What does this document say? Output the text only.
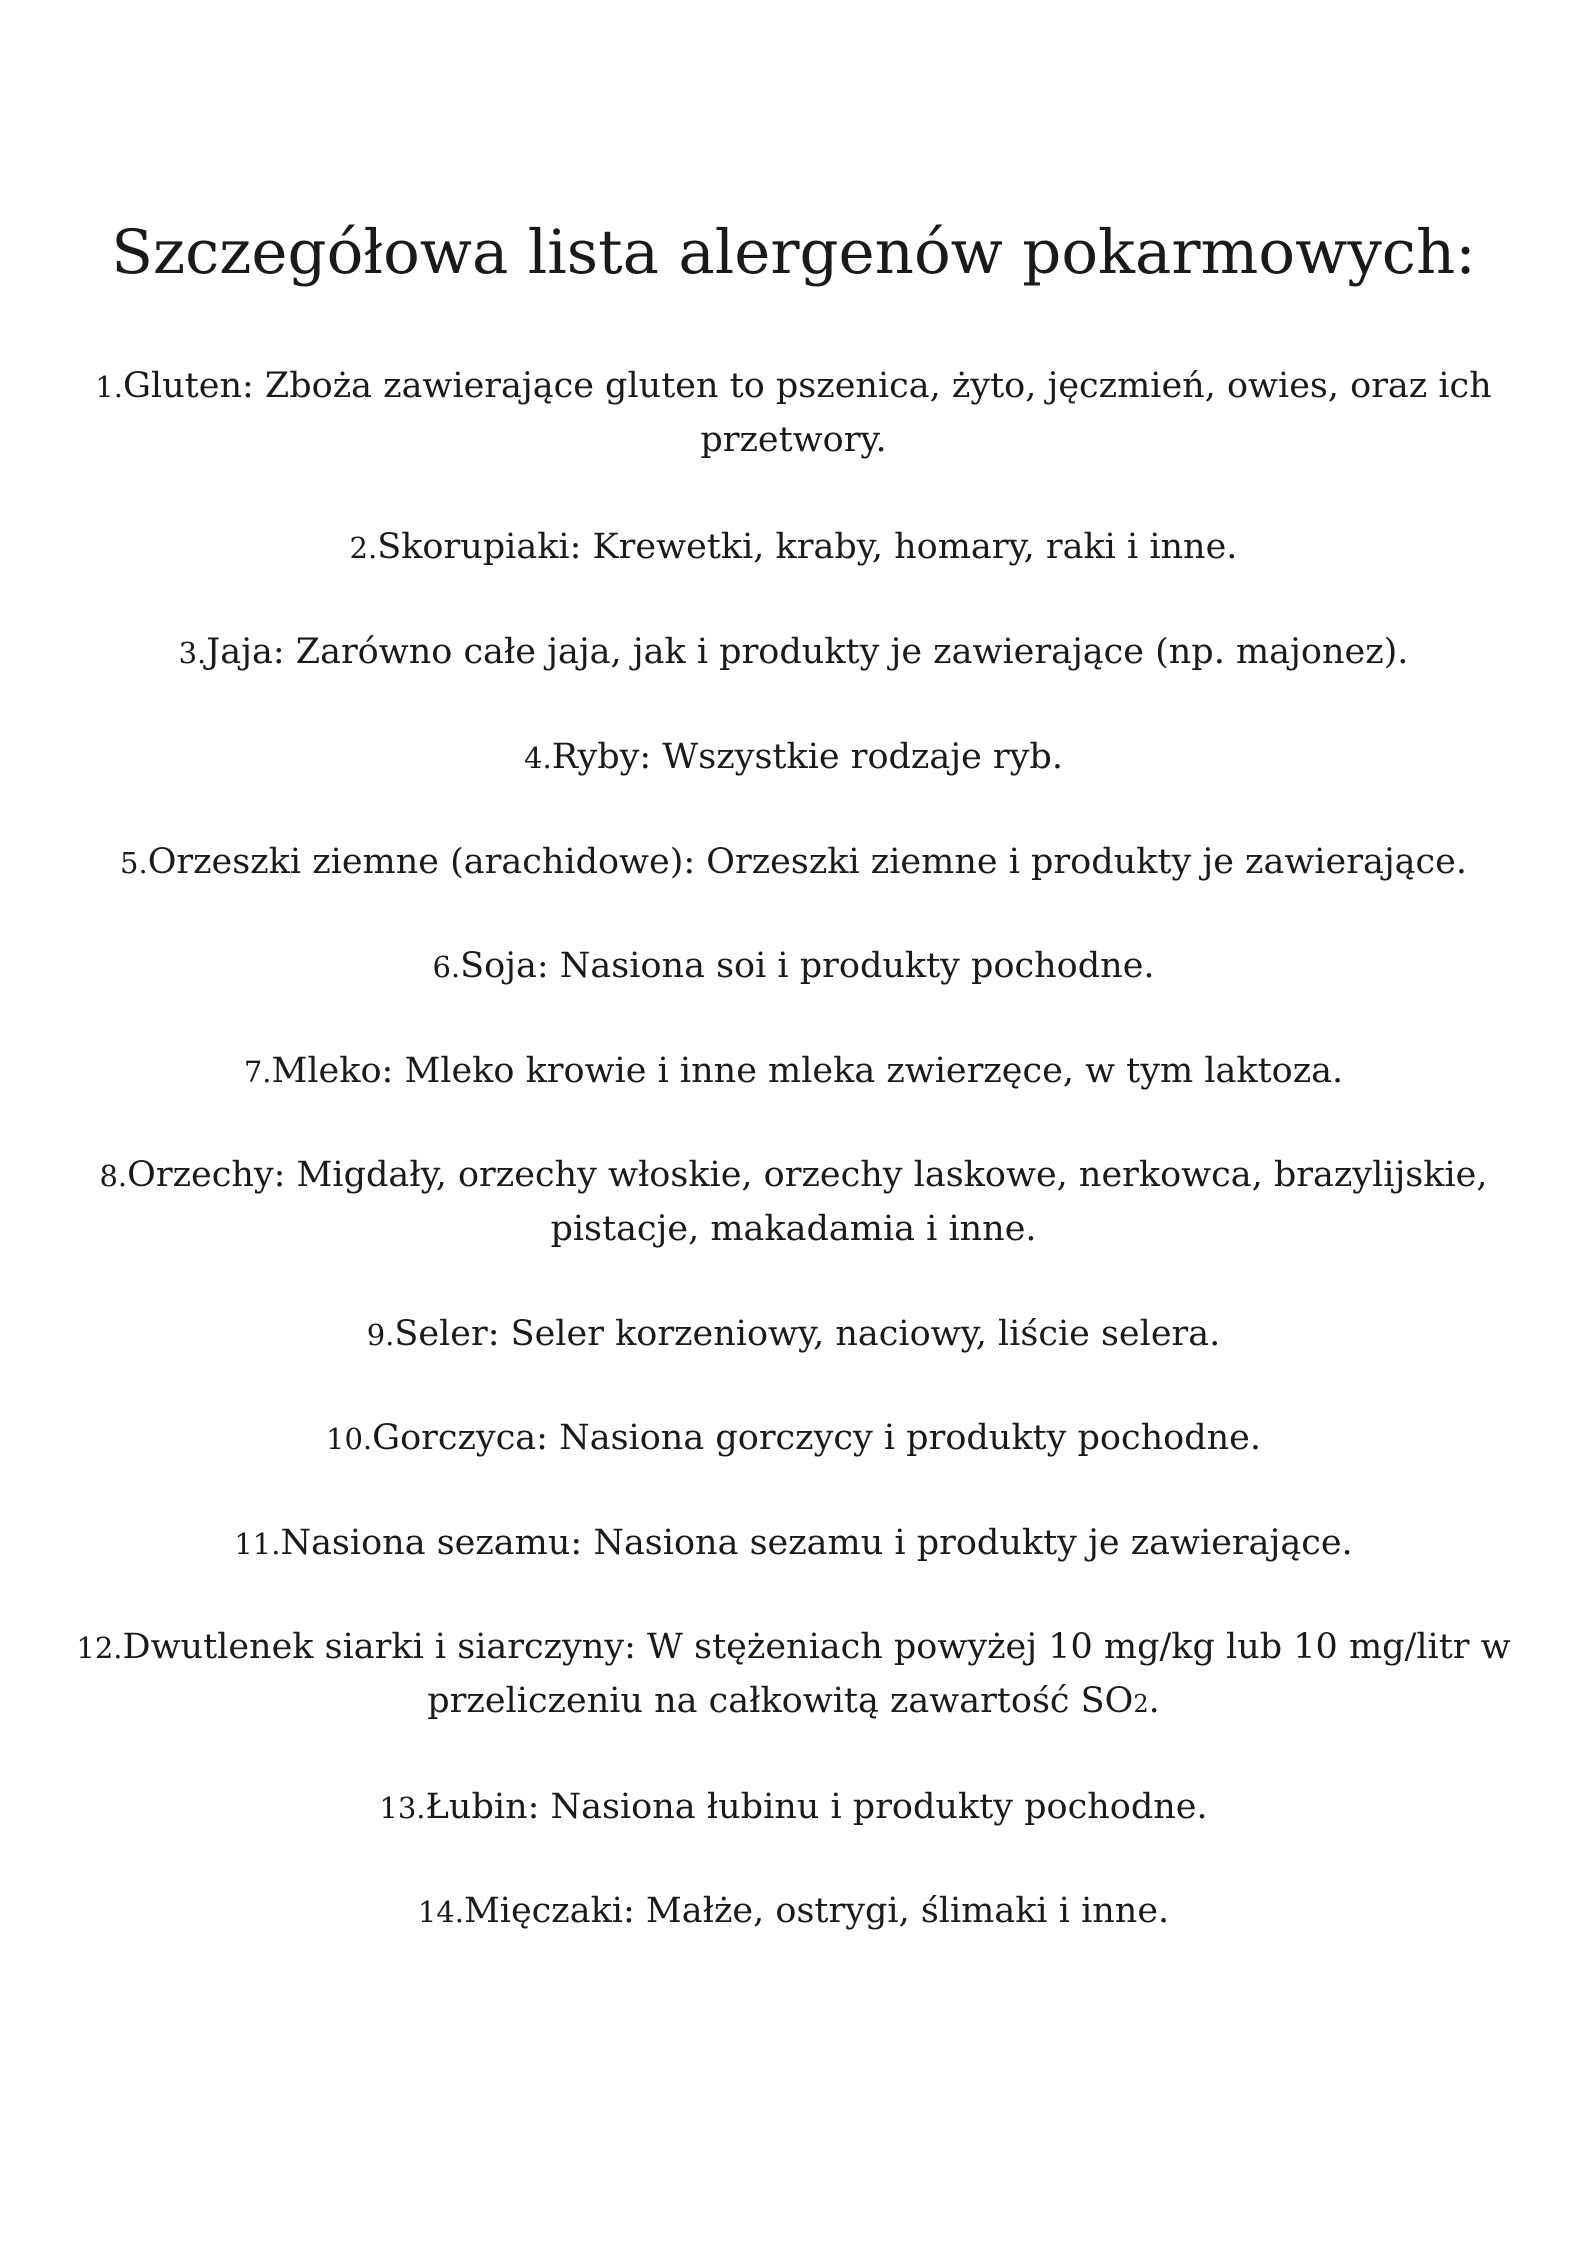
Szczegółowa lista alergenów pokarmowych:

1.Gluten: Zboża zawierające gluten to pszenica, żyto, jęczmień, owies, oraz ich przetwory.

2.Skorupiaki: Krewetki, kraby, homary, raki i inne.

3.Jaja: Zarówno całe jaja, jak i produkty je zawierające (np. majonez).

4.Ryby: Wszystkie rodzaje ryb.

5.Orzeszki ziemne (arachidowe): Orzeszki ziemne i produkty je zawierające.

6.Soja: Nasiona soi i produkty pochodne.

7.Mleko: Mleko krowie i inne mleka zwierzęce, w tym laktoza.

8.Orzechy: Migdały, orzechy włoskie, orzechy laskowe, nerkowca, brazylijskie, pistacje, makadamia i inne.

9.Seler: Seler korzeniowy, naciowy, liście selera.

10.Gorczyca: Nasiona gorczycy i produkty pochodne.

11.Nasiona sezamu: Nasiona sezamu i produkty je zawierające.

12.Dwutlenek siarki i siarczyny: W stężeniach powyżej 10 mg/kg lub 10 mg/litr w przeliczeniu na całkowitą zawartość SO2.

13.Łubin: Nasiona łubinu i produkty pochodne.

14.Mięczaki: Małże, ostrygi, ślimaki i inne.
